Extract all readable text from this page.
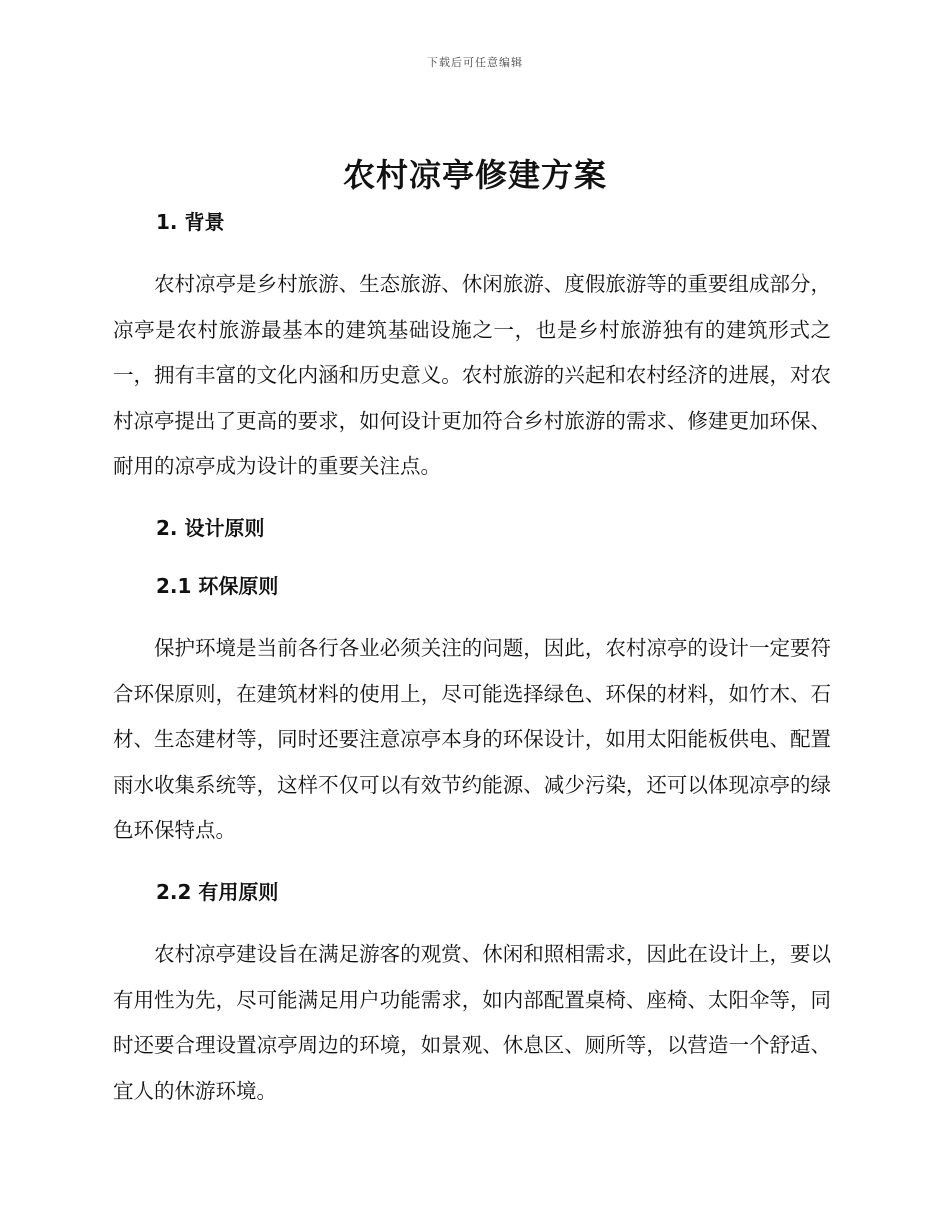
下载后可任意编辑
农村凉亭修建方案
1. 背景

农村凉亭是乡村旅游、生态旅游、休闲旅游、度假旅游等的重要组成部分，凉亭是农村旅游最基本的建筑基础设施之一，也是乡村旅游独有的建筑形式之一，拥有丰富的文化内涵和历史意义。农村旅游的兴起和农村经济的进展，对农村凉亭提出了更高的要求，如何设计更加符合乡村旅游的需求、修建更加环保、耐用的凉亭成为设计的重要关注点。

2. 设计原则
2.1 环保原则

保护环境是当前各行各业必须关注的问题，因此，农村凉亭的设计一定要符合环保原则，在建筑材料的使用上，尽可能选择绿色、环保的材料，如竹木、石材、生态建材等，同时还要注意凉亭本身的环保设计，如用太阳能板供电、配置雨水收集系统等，这样不仅可以有效节约能源、减少污染，还可以体现凉亭的绿色环保特点。

2.2 有用原则

农村凉亭建设旨在满足游客的观赏、休闲和照相需求，因此在设计上，要以有用性为先，尽可能满足用户功能需求，如内部配置桌椅、座椅、太阳伞等，同时还要合理设置凉亭周边的环境，如景观、休息区、厕所等，以营造一个舒适、宜人的休游环境。
